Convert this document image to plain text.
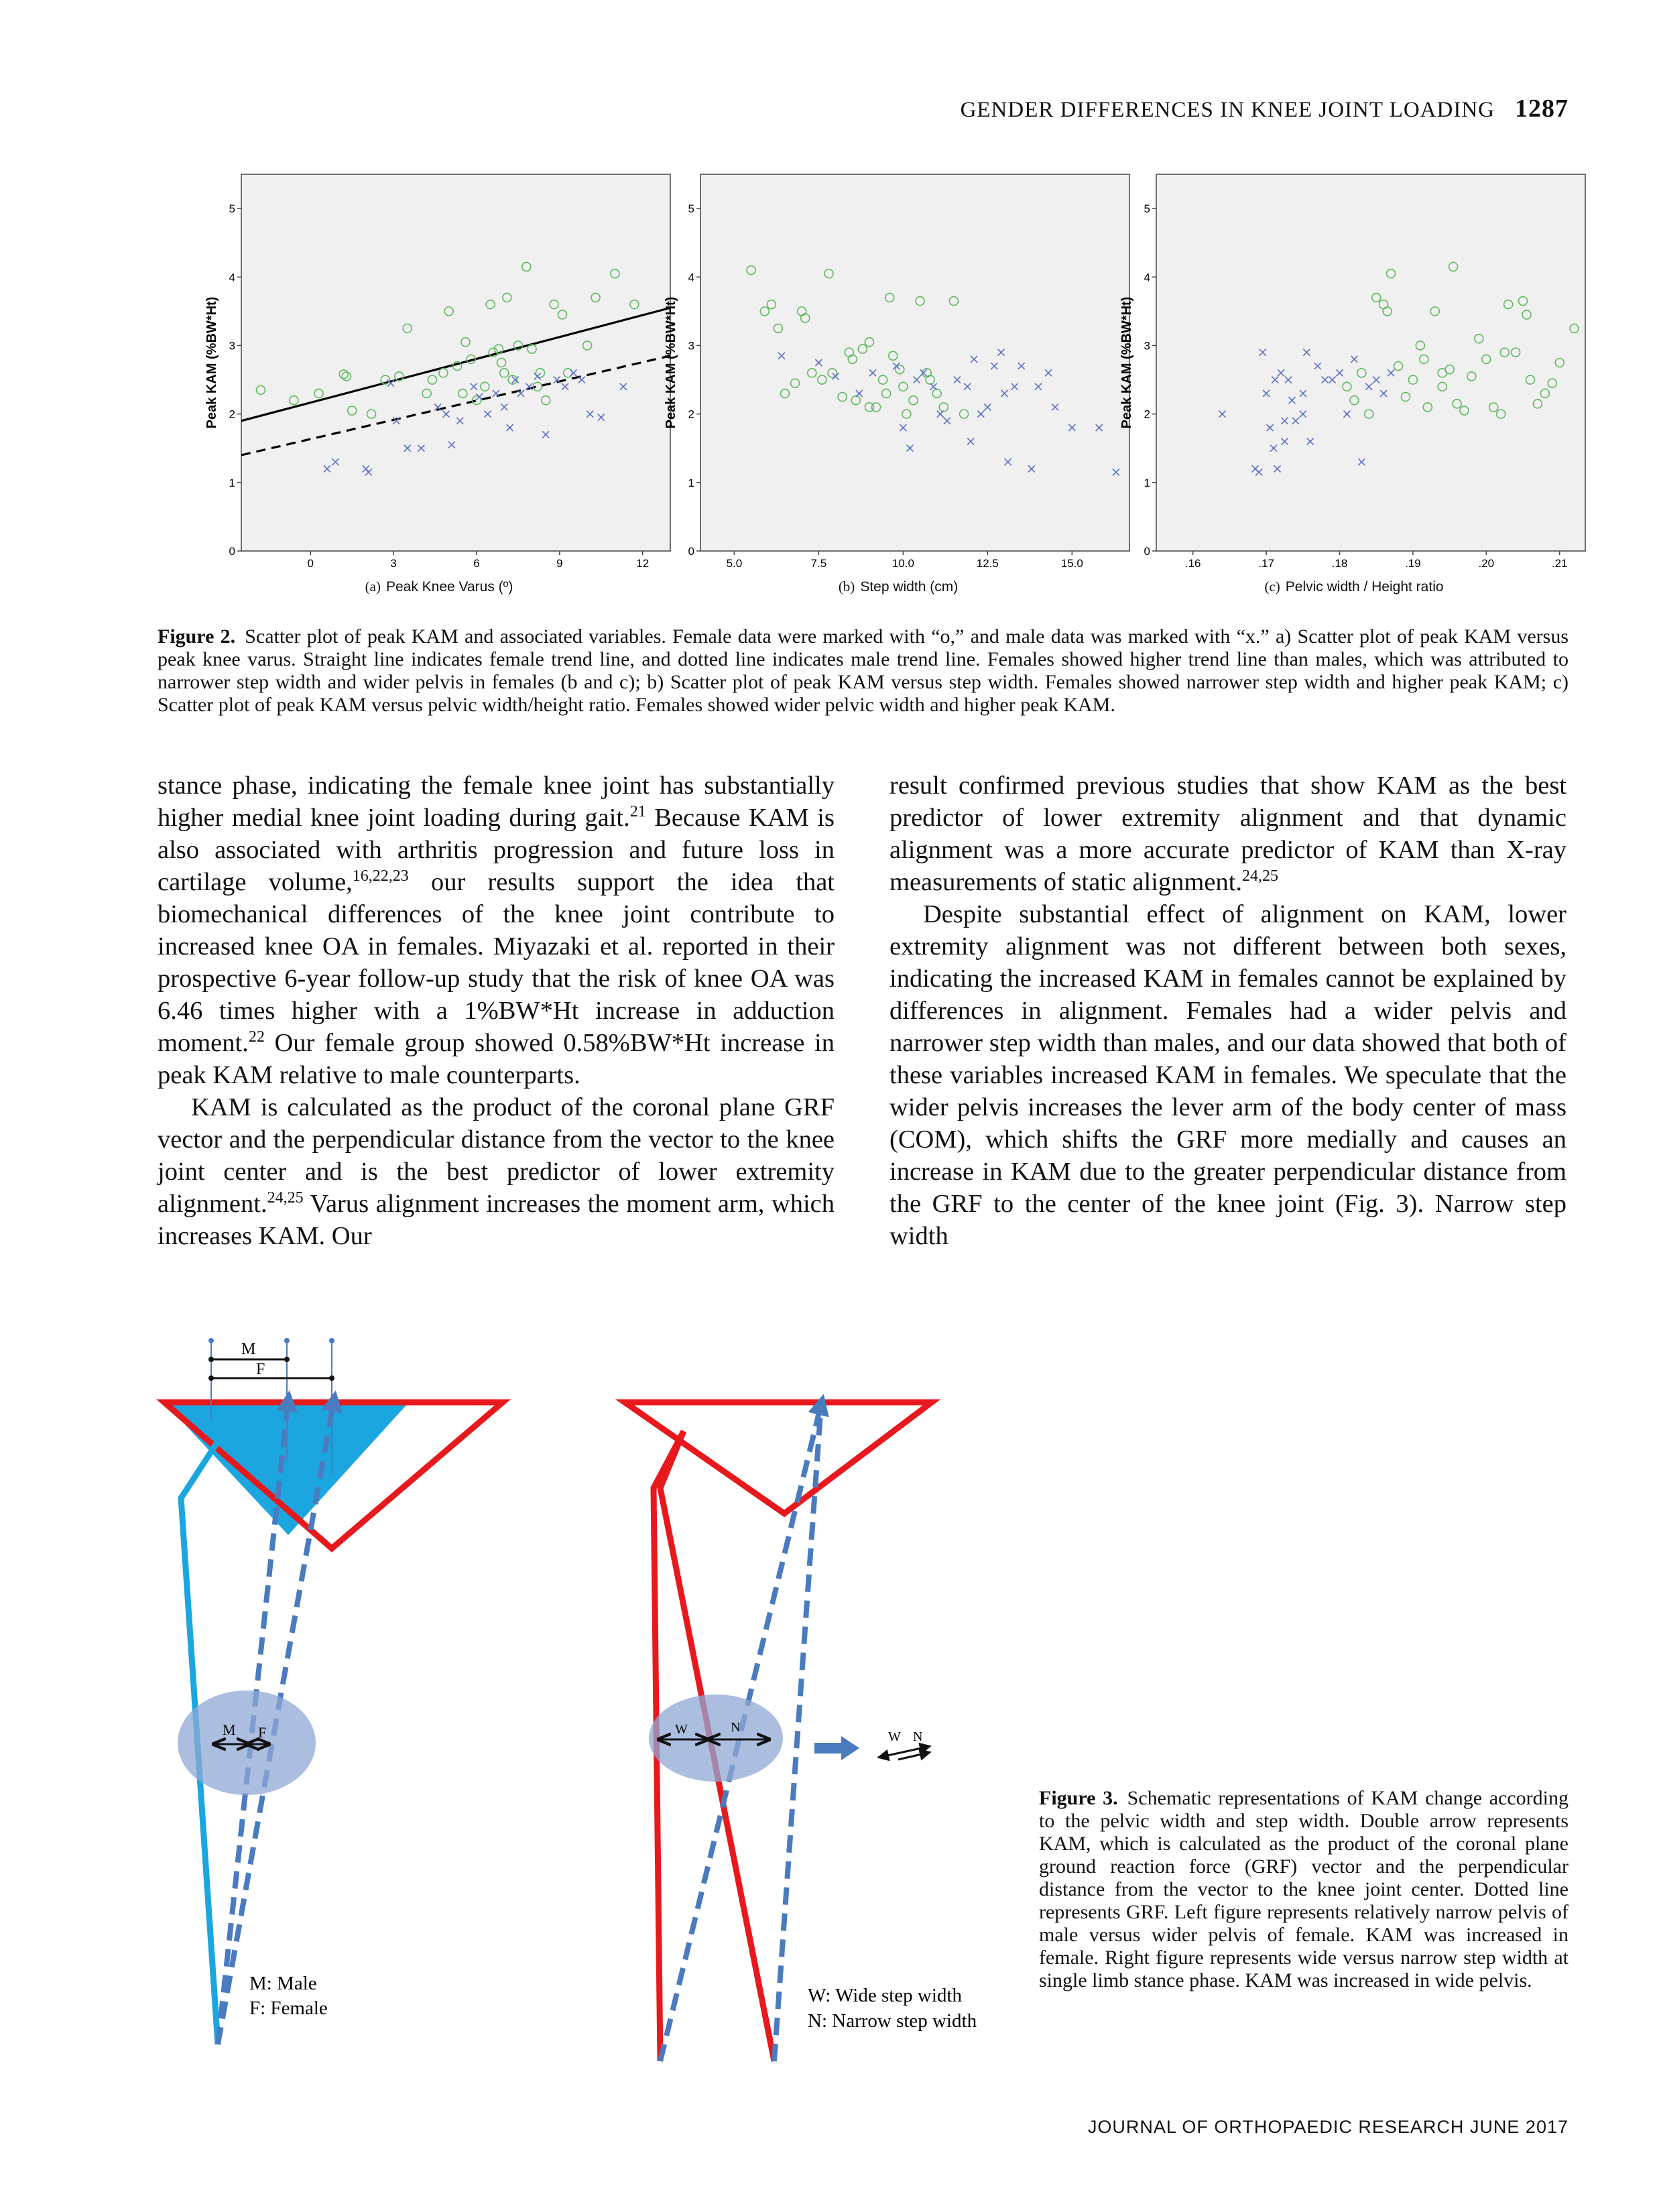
GENDER DIFFERENCES IN KNEE JOINT LOADING 1287
0
1
2
3
4
5
0	3	6	9	12
Peak KAM (%BW*Ht)
(a) Peak Knee Varus (º)
0
1
2
3
4
5
5.0	7.5	10.0	12.5	15.0
Peak KAM (%BW*Ht)
(b) Step width (cm)
0
1
2
3
4
5
.16	.17	.18	.19	.20	.21
Peak KAM (%BW*Ht)
(c) Pelvic width / Height ratio
Figure 2. Scatter plot of peak KAM and associated variables. Female data were marked with “o,” and male data was marked with “x.” a) Scatter plot of peak KAM versus peak knee varus. Straight line indicates female trend line, and dotted line indicates male trend line. Females showed higher trend line than males, which was attributed to narrower step width and wider pelvis in females (b and c); b) Scatter plot of peak KAM versus step width. Females showed narrower step width and higher peak KAM; c) Scatter plot of peak KAM versus pelvic width/height ratio. Females showed wider pelvic width and higher peak KAM.

stance phase, indicating the female knee joint has substantially higher medial knee joint loading during gait.$^{21}$ Because KAM is also associated with arthritis progression and future loss in cartilage volume,$^{16,22,23}$ our results support the idea that biomechanical differences of the knee joint contribute to increased knee OA in females. Miyazaki et al. reported in their prospective 6-year follow-up study that the risk of knee OA was 6.46 times higher with a 1%BW*Ht increase in adduction moment.$^{22}$ Our female group showed 0.58%BW*Ht increase in peak KAM relative to male counterparts.

KAM is calculated as the product of the coronal plane GRF vector and the perpendicular distance from the vector to the knee joint center and is the best predictor of lower extremity alignment.$^{24,25}$ Varus alignment increases the moment arm, which increases KAM. Our

result confirmed previous studies that show KAM as the best predictor of lower extremity alignment and that dynamic alignment was a more accurate predictor of KAM than X-ray measurements of static alignment.$^{24,25}$

Despite substantial effect of alignment on KAM, lower extremity alignment was not different between both sexes, indicating the increased KAM in females cannot be explained by differences in alignment. Females had a wider pelvis and narrower step width than males, and our data showed that both of these variables increased KAM in females. We speculate that the wider pelvis increases the lever arm of the body center of mass (COM), which shifts the GRF more medially and causes an increase in KAM due to the greater perpendicular distance from the GRF to the center of the knee joint (Fig. 3). Narrow step width

M
F
M F
M: Male
F: Female
W	N
W N
W: Wide step width
N: Narrow step width
Figure 3. Schematic representations of KAM change according to the pelvic width and step width. Double arrow represents KAM, which is calculated as the product of the coronal plane ground reaction force (GRF) vector and the perpendicular distance from the vector to the knee joint center. Dotted line represents GRF. Left figure represents relatively narrow pelvis of male versus wider pelvis of female. KAM was increased in female. Right figure represents wide versus narrow step width at single limb stance phase. KAM was increased in wide pelvis.
JOURNAL OF ORTHOPAEDIC RESEARCH JUNE 2017
